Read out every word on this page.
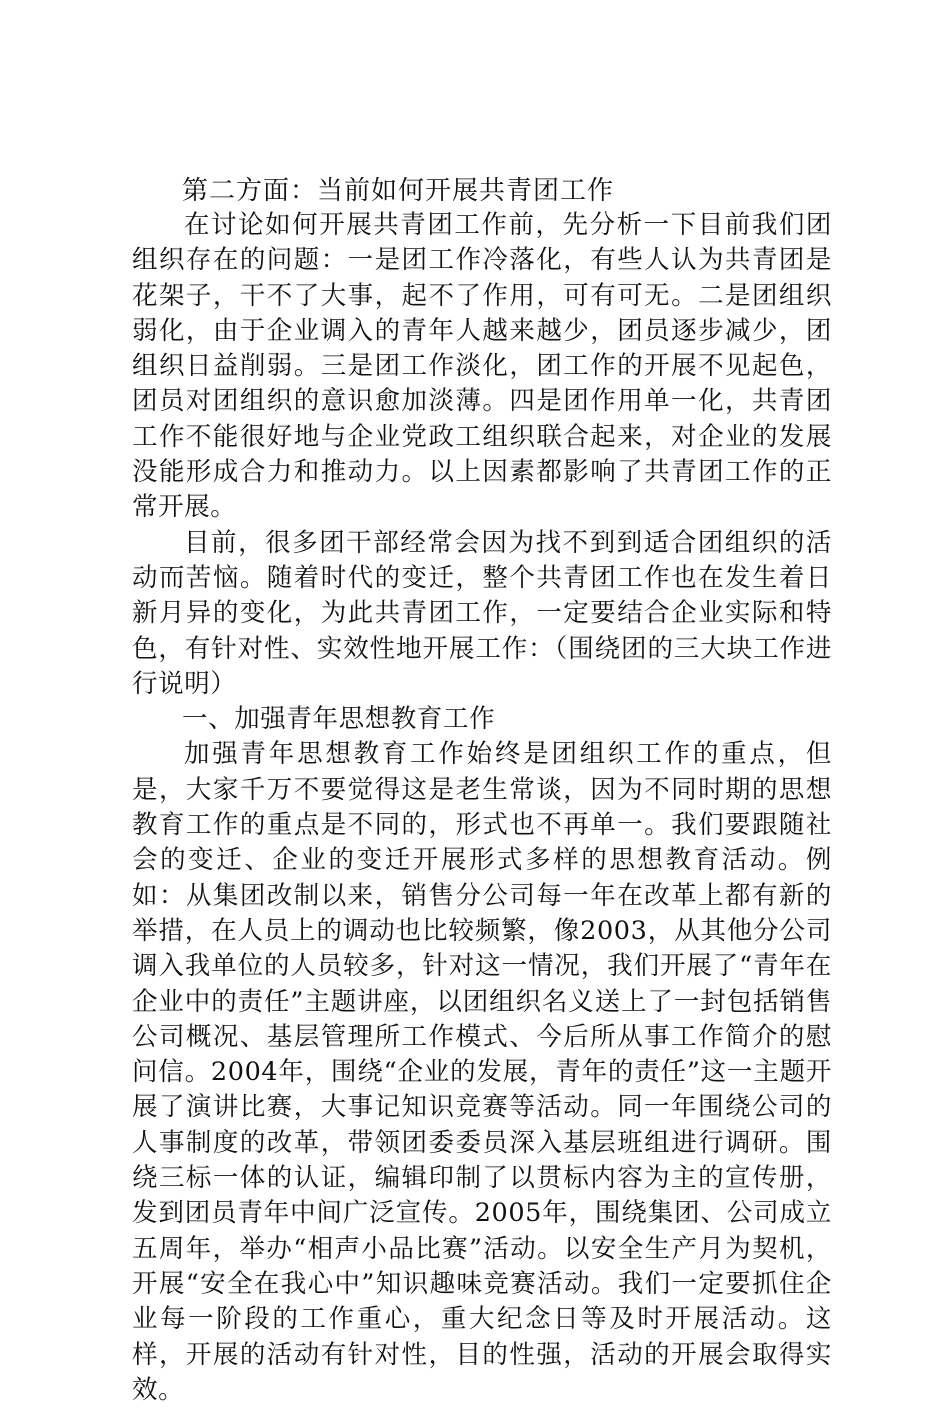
第二方面：当前如何开展共青团工作

在讨论如何开展共青团工作前，先分析一下目前我们团组织存在的问题：一是团工作冷落化，有些人认为共青团是花架子，干不了大事，起不了作用，可有可无。二是团组织弱化，由于企业调入的青年人越来越少，团员逐步减少，团组织日益削弱。三是团工作淡化，团工作的开展不见起色，团员对团组织的意识愈加淡薄。四是团作用单一化，共青团工作不能很好地与企业党政工组织联合起来，对企业的发展没能形成合力和推动力。以上因素都影响了共青团工作的正常开展。

目前，很多团干部经常会因为找不到到适合团组织的活动而苦恼。随着时代的变迁，整个共青团工作也在发生着日新月异的变化，为此共青团工作，一定要结合企业实际和特色，有针对性、实效性地开展工作：（围绕团的三大块工作进行说明）

一、加强青年思想教育工作

加强青年思想教育工作始终是团组织工作的重点，但是，大家千万不要觉得这是老生常谈，因为不同时期的思想教育工作的重点是不同的，形式也不再单一。我们要跟随社会的变迁、企业的变迁开展形式多样的思想教育活动。例如：从集团改制以来，销售分公司每一年在改革上都有新的举措，在人员上的调动也比较频繁，像2003，从其他分公司调入我单位的人员较多，针对这一情况，我们开展了“青年在企业中的责任”主题讲座，以团组织名义送上了一封包括销售公司概况、基层管理所工作模式、今后所从事工作简介的慰问信。2004年，围绕“企业的发展，青年的责任”这一主题开展了演讲比赛，大事记知识竞赛等活动。同一年围绕公司的人事制度的改革，带领团委委员深入基层班组进行调研。围绕三标一体的认证，编辑印制了以贯标内容为主的宣传册，发到团员青年中间广泛宣传。2005年，围绕集团、公司成立五周年，举办“相声小品比赛”活动。以安全生产月为契机，开展“安全在我心中”知识趣味竞赛活动。我们一定要抓住企业每一阶段的工作重心，重大纪念日等及时开展活动。这样，开展的活动有针对性，目的性强，活动的开展会取得实效。
